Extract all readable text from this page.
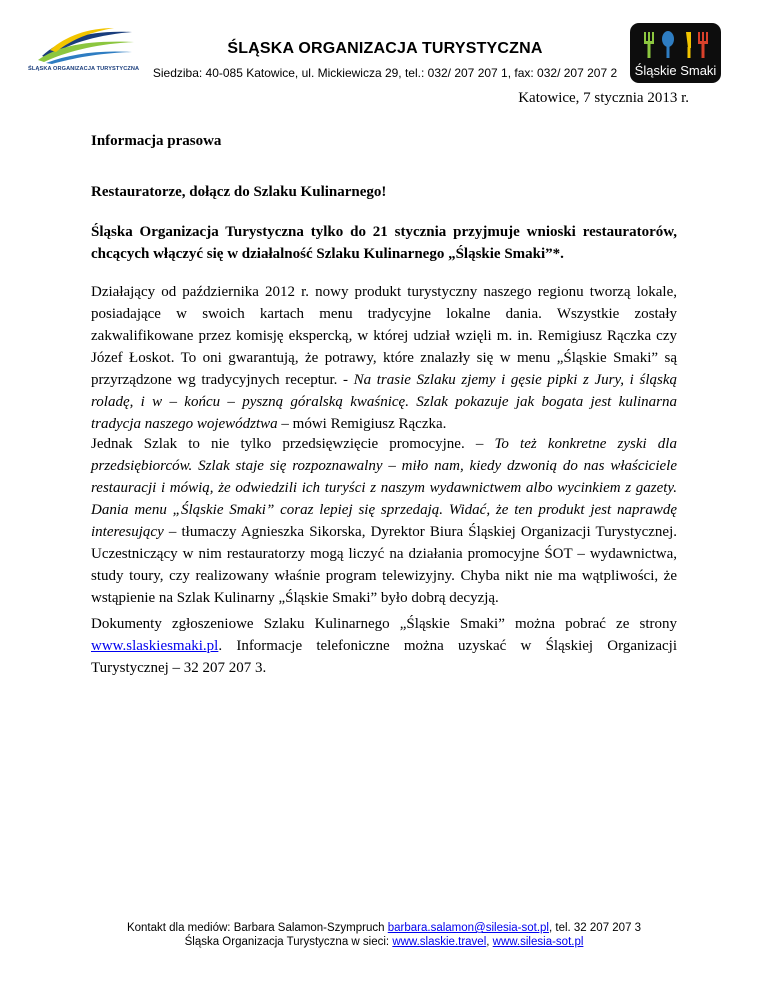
ŚLĄSKA ORGANIZACJA TURYSTYCZNA
ŚLĄSKA ORGANIZACJA TURYSTYCZNA
Siedziba: 40-085 Katowice, ul. Mickiewicza 29, tel.: 032/ 207 207 1, fax: 032/ 207 207 2	Śląskie Smaki
Katowice, 7 stycznia 2013 r.
Informacja prasowa
Restauratorze, dołącz do Szlaku Kulinarnego!
Śląska Organizacja Turystyczna tylko do 21 stycznia przyjmuje wnioski restauratorów, chcących włączyć się w działalność Szlaku Kulinarnego „Śląskie Smaki”*.
Działający od października 2012 r. nowy produkt turystyczny naszego regionu tworzą lokale, posiadające w swoich kartach menu tradycyjne lokalne dania. Wszystkie zostały zakwalifikowane przez komisję ekspercką, w której udział wzięli m. in. Remigiusz Rączka czy Józef Łoskot. To oni gwarantują, że potrawy, które znalazły się w menu „Śląskie Smaki” są przyrządzone wg tradycyjnych receptur. - Na trasie Szlaku zjemy i gęsie pipki z Jury, i śląską roladę, i w – końcu – pyszną góralską kwaśnicę. Szlak pokazuje jak bogata jest kulinarna tradycja naszego województwa – mówi Remigiusz Rączka.
Jednak Szlak to nie tylko przedsięwzięcie promocyjne. – To też konkretne zyski dla przedsiębiorców. Szlak staje się rozpoznawalny – miło nam, kiedy dzwonią do nas właściciele restauracji i mówią, że odwiedzili ich turyści z naszym wydawnictwem albo wycinkiem z gazety. Dania menu „Śląskie Smaki” coraz lepiej się sprzedają. Widać, że ten produkt jest naprawdę interesujący – tłumaczy Agnieszka Sikorska, Dyrektor Biura Śląskiej Organizacji Turystycznej. Uczestniczący w nim restauratorzy mogą liczyć na działania promocyjne ŚOT – wydawnictwa, study toury, czy realizowany właśnie program telewizyjny. Chyba nikt nie ma wątpliwości, że wstąpienie na Szlak Kulinarny „Śląskie Smaki” było dobrą decyzją.
Dokumenty zgłoszeniowe Szlaku Kulinarnego „Śląskie Smaki” można pobrać ze strony www.slaskiesmaki.pl. Informacje telefoniczne można uzyskać w Śląskiej Organizacji Turystycznej – 32 207 207 3.
Kontakt dla mediów: Barbara Salamon-Szympruch barbara.salamon@silesia-sot.pl, tel. 32 207 207 3
Śląska Organizacja Turystyczna w sieci: www.slaskie.travel, www.silesia-sot.pl
